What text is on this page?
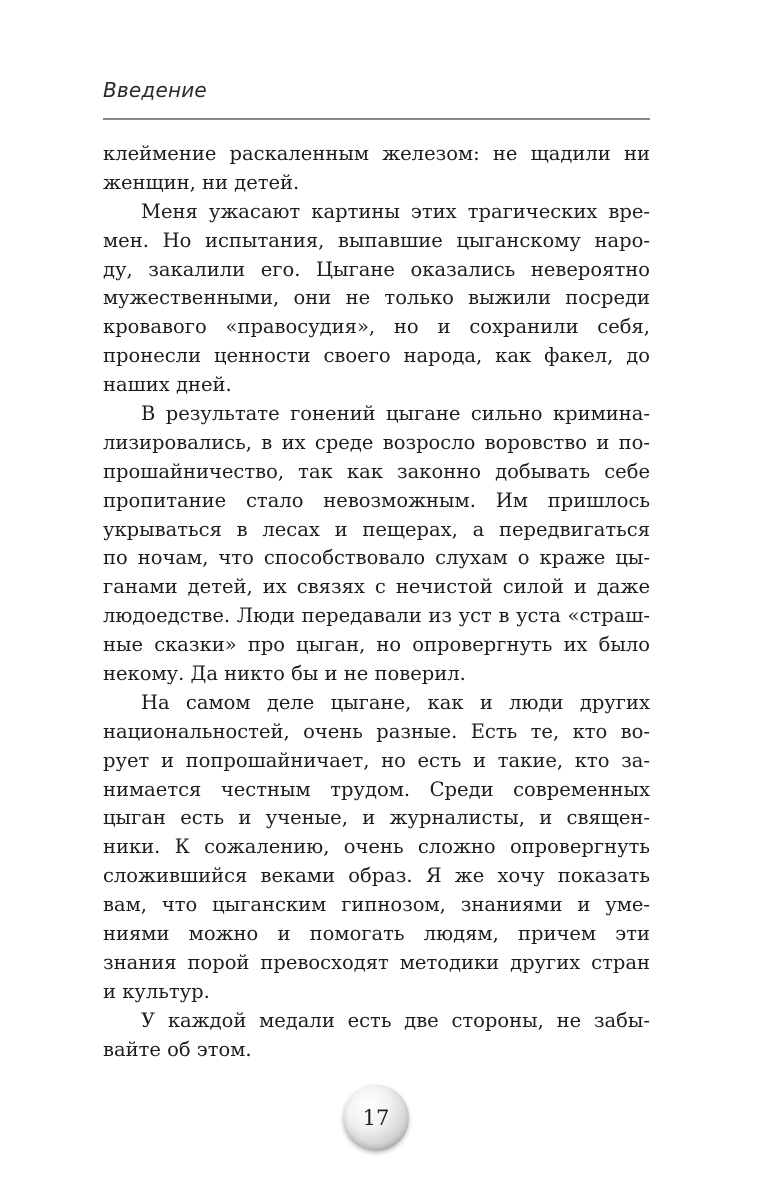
Введение
клеймение раскаленным железом: не щадили ни
женщин, ни детей.
Меня ужасают картины этих трагических вре-
мен. Но испытания, выпавшие цыганскому наро-
ду, закалили его. Цыгане оказались невероятно
мужественными, они не только выжили посреди
кровавого «правосудия», но и сохранили себя,
пронесли ценности своего народа, как факел, до
наших дней.
В результате гонений цыгане сильно кримина-
лизировались, в их среде возросло воровство и по-
прошайничество, так как законно добывать себе
пропитание стало невозможным. Им пришлось
укрываться в лесах и пещерах, а передвигаться
по ночам, что способствовало слухам о краже цы-
ганами детей, их связях с нечистой силой и даже
людоедстве. Люди передавали из уст в уста «страш-
ные сказки» про цыган, но опровергнуть их было
некому. Да никто бы и не поверил.
На самом деле цыгане, как и люди других
национальностей, очень разные. Есть те, кто во-
рует и попрошайничает, но есть и такие, кто за-
нимается честным трудом. Среди современных
цыган есть и ученые, и журналисты, и священ-
ники. К сожалению, очень сложно опровергнуть
сложившийся веками образ. Я же хочу показать
вам, что цыганским гипнозом, знаниями и уме-
ниями можно и помогать людям, причем эти
знания порой превосходят методики других стран
и культур.
У каждой медали есть две стороны, не забы-
вайте об этом.
17
